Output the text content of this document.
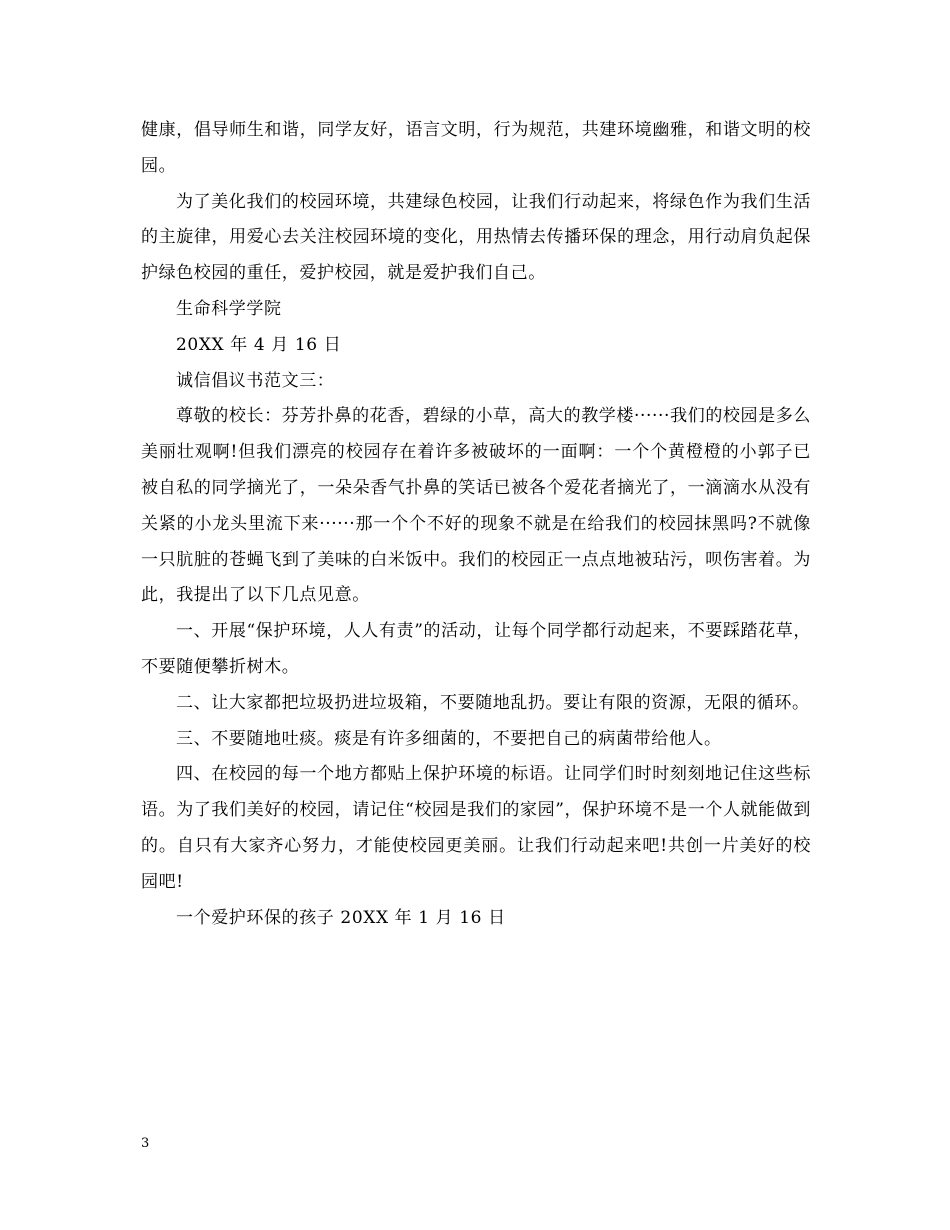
健康，倡导师生和谐，同学友好，语言文明，行为规范，共建环境幽雅，和谐文明的校园。

为了美化我们的校园环境，共建绿色校园，让我们行动起来，将绿色作为我们生活的主旋律，用爱心去关注校园环境的变化，用热情去传播环保的理念，用行动肩负起保护绿色校园的重任，爱护校园，就是爱护我们自己。

生命科学学院

20XX 年 4 月 16 日

诚信倡议书范文三：

尊敬的校长：芬芳扑鼻的花香，碧绿的小草，高大的教学楼······我们的校园是多么美丽壮观啊!但我们漂亮的校园存在着许多被破坏的一面啊：一个个黄橙橙的小郭子已被自私的同学摘光了，一朵朵香气扑鼻的笑话已被各个爱花者摘光了，一滴滴水从没有关紧的小龙头里流下来······那一个个不好的现象不就是在给我们的校园抹黑吗?不就像一只肮脏的苍蝇飞到了美味的白米饭中。我们的校园正一点点地被玷污，呗伤害着。为此，我提出了以下几点见意。

一、开展“保护环境，人人有责”的活动，让每个同学都行动起来，不要踩踏花草，不要随便攀折树木。

二、让大家都把垃圾扔进垃圾箱，不要随地乱扔。要让有限的资源，无限的循环。

三、不要随地吐痰。痰是有许多细菌的，不要把自己的病菌带给他人。

四、在校园的每一个地方都贴上保护环境的标语。让同学们时时刻刻地记住这些标语。为了我们美好的校园，请记住“校园是我们的家园”，保护环境不是一个人就能做到的。自只有大家齐心努力，才能使校园更美丽。让我们行动起来吧!共创一片美好的校园吧!

一个爱护环保的孩子 20XX 年 1 月 16 日

3
